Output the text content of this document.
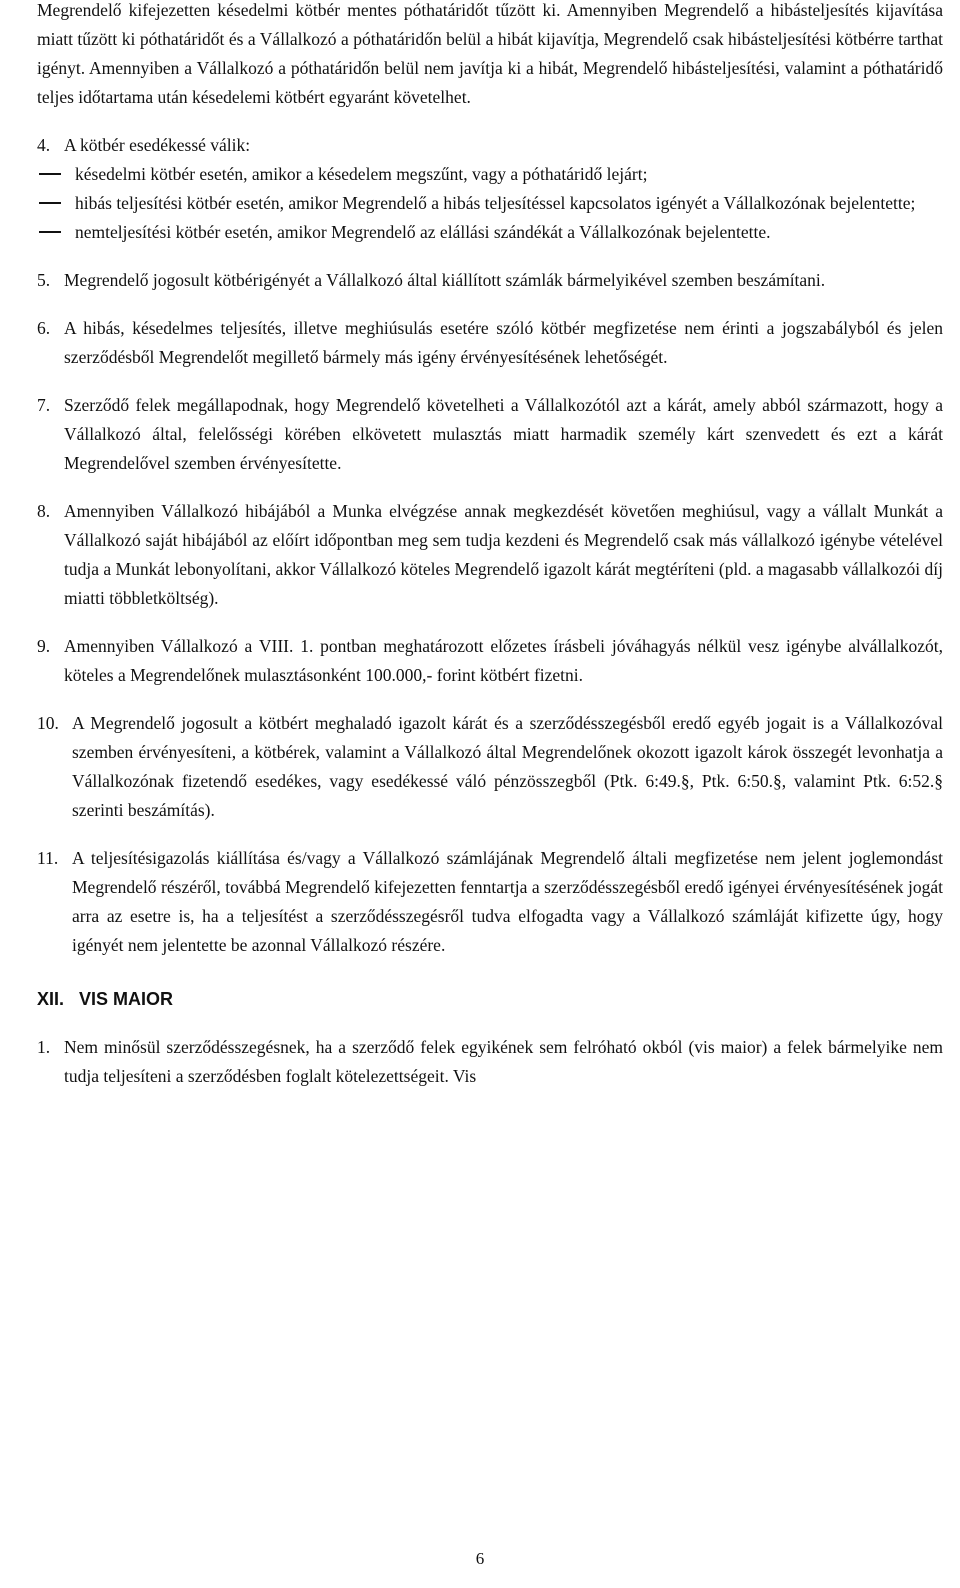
Megrendelő kifejezetten késedelmi kötbér mentes póthatáridőt tűzött ki. Amennyiben Megrendelő a hibásteljesítés kijavítása miatt tűzött ki póthatáridőt és a Vállalkozó a póthatáridőn belül a hibát kijavítja, Megrendelő csak hibásteljesítési kötbérre tarthat igényt. Amennyiben a Vállalkozó a póthatáridőn belül nem javítja ki a hibát, Megrendelő hibásteljesítési, valamint a póthatáridő teljes időtartama után késedelemi kötbért egyaránt követelhet.

4. A kötbér esedékessé válik:

késedelmi kötbér esetén, amikor a késedelem megszűnt, vagy a póthatáridő lejárt;
hibás teljesítési kötbér esetén, amikor Megrendelő a hibás teljesítéssel kapcsolatos igényét a Vállalkozónak bejelentette;
nemteljesítési kötbér esetén, amikor Megrendelő az elállási szándékát a Vállalkozónak bejelentette.
5. Megrendelő jogosult kötbérigényét a Vállalkozó által kiállított számlák bármelyikével szemben beszámítani.
6. A hibás, késedelmes teljesítés, illetve meghiúsulás esetére szóló kötbér megfizetése nem érinti a jogszabályból és jelen szerződésből Megrendelőt megillető bármely más igény érvényesítésének lehetőségét.
7. Szerződő felek megállapodnak, hogy Megrendelő követelheti a Vállalkozótól azt a kárát, amely abból származott, hogy a Vállalkozó által, felelősségi körében elkövetett mulasztás miatt harmadik személy kárt szenvedett és ezt a kárát Megrendelővel szemben érvényesítette.
8. Amennyiben Vállalkozó hibájából a Munka elvégzése annak megkezdését követően meghiúsul, vagy a vállalt Munkát a Vállalkozó saját hibájából az előírt időpontban meg sem tudja kezdeni és Megrendelő csak más vállalkozó igénybe vételével tudja a Munkát lebonyolítani, akkor Vállalkozó köteles Megrendelő igazolt kárát megtéríteni (pld. a magasabb vállalkozói díj miatti többletköltség).
9. Amennyiben Vállalkozó a VIII. 1. pontban meghatározott előzetes írásbeli jóváhagyás nélkül vesz igénybe alvállalkozót, köteles a Megrendelőnek mulasztásonként 100.000,- forint kötbért fizetni.
10. A Megrendelő jogosult a kötbért meghaladó igazolt kárát és a szerződésszegésből eredő egyéb jogait is a Vállalkozóval szemben érvényesíteni, a kötbérek, valamint a Vállalkozó által Megrendelőnek okozott igazolt károk összegét levonhatja a Vállalkozónak fizetendő esedékes, vagy esedékessé váló pénzösszegből (Ptk. 6:49.§, Ptk. 6:50.§, valamint Ptk. 6:52.§ szerinti beszámítás).
11. A teljesítésigazolás kiállítása és/vagy a Vállalkozó számlájának Megrendelő általi megfizetése nem jelent joglemondást Megrendelő részéről, továbbá Megrendelő kifejezetten fenntartja a szerződésszegésből eredő igényei érvényesítésének jogát arra az esetre is, ha a teljesítést a szerződésszegésről tudva elfogadta vagy a Vállalkozó számláját kifizette úgy, hogy igényét nem jelentette be azonnal Vállalkozó részére.
XII. VIS MAIOR
1. Nem minősül szerződésszegésnek, ha a szerződő felek egyikének sem felróható okból (vis maior) a felek bármelyike nem tudja teljesíteni a szerződésben foglalt kötelezettségeit. Vis
6
